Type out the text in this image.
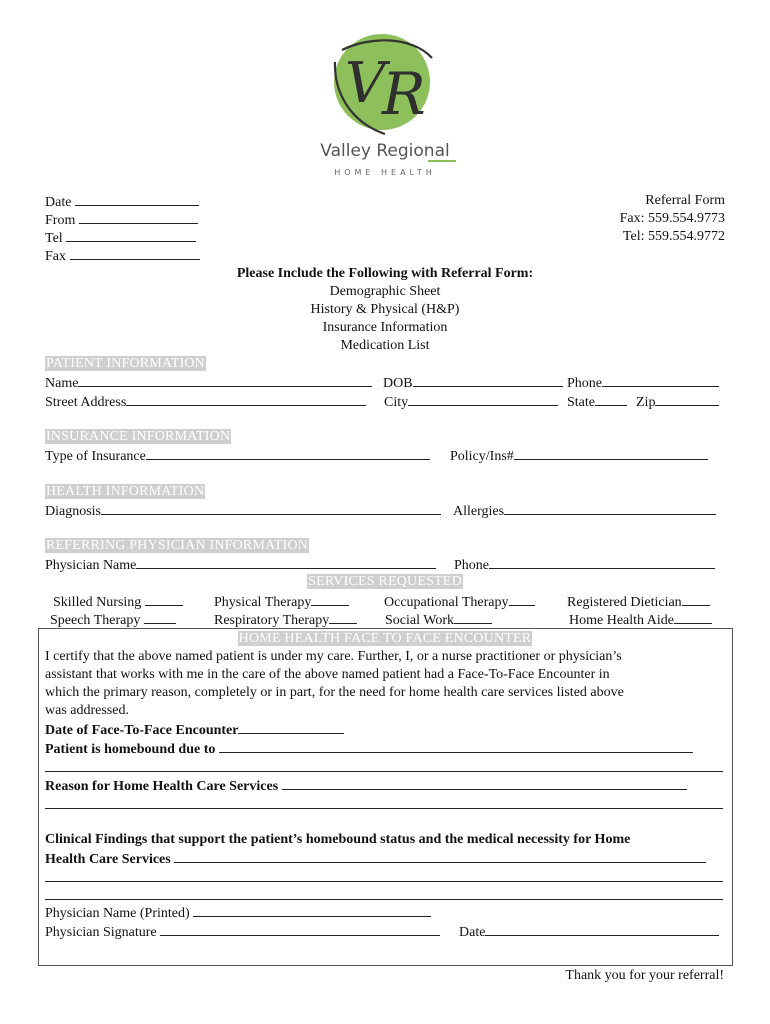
V
R
Valley Regional
HOME HEALTH
Date
From
Tel
Fax
Referral Form
Fax: 559.554.9773
Tel: 559.554.9772
Please Include the Following with Referral Form:
Demographic Sheet
History & Physical (H&P)
Insurance Information
Medication List
PATIENT INFORMATION
Name	DOB	Phone
Street Address	City	State	Zip
INSURANCE INFORMATION
Type of Insurance	Policy/Ins#
HEALTH INFORMATION
Diagnosis	Allergies
REFERRING PHYSICIAN INFORMATION
Physician Name	Phone
SERVICES REQUESTED
Skilled Nursing	Physical Therapy	Occupational Therapy	Registered Dietician
Speech Therapy	Respiratory Therapy	Social Work	Home Health Aide
HOME HEALTH FACE TO FACE ENCOUNTER
I certify that the above named patient is under my care. Further, I, or a nurse practitioner or physician’s
assistant that works with me in the care of the above named patient had a Face-To-Face Encounter in
which the primary reason, completely or in part, for the need for home health care services listed above
was addressed.
Date of Face-To-Face Encounter
Patient is homebound due to
Reason for Home Health Care Services
Clinical Findings that support the patient’s homebound status and the medical necessity for Home
Health Care Services
Physician Name (Printed)
Physician Signature	Date
Thank you for your referral!
